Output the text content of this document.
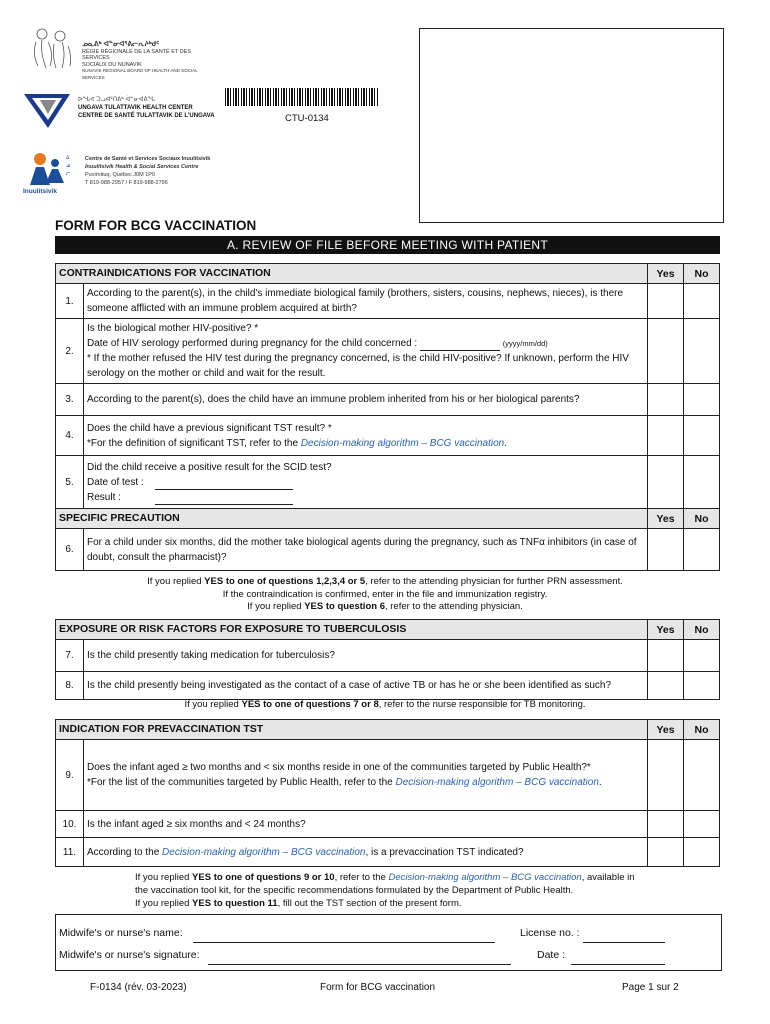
ᓄᓇᕕᒃ ᐊᓐᓂᐊᕐᕕᓕᕆᔨᒃᑯᑦ
RÉGIE RÉGIONALE DE LA SANTÉ ET DES SERVICES
SOCIAUX DU NUNAVIK
NUNAVIK REGIONAL BOARD OF HEALTH AND SOCIAL SERVICES
ᐅᖓᕙ ᑐᓗᐊᑦᑎᕕᒃ ᐋᓐᓂᐊᕕᖓ
UNGAVA TULATTAVIK HEALTH CENTER
CENTRE DE SANTÉ TULATTAVIK DE L'UNGAVA	CTU-0134
ᐃ
ᓅ
ᓕ
Inuulitsivik
Centre de Santé et Services Sociaux Inuulitsivik
Inuulitsivik Health & Social Services Centre
Puvirnituq, Québec J0M 1P0
T 819-988-2957 / F 819-988-2796
FORM FOR BCG VACCINATION
A. REVIEW OF FILE BEFORE MEETING WITH PATIENT
CONTRAINDICATIONS FOR VACCINATION		Yes	No
1.	According to the parent(s), in the child's immediate biological family (brothers, sisters, cousins, nephews, nieces), is there someone afflicted with an immune problem acquired at birth?		
2.	Is the biological mother HIV-positive? *
Date of HIV serology performed during pregnancy for the child concerned : (yyyy/mm/dd)
* If the mother refused the HIV test during the pregnancy concerned, is the child HIV-positive? If unknown, perform the HIV serology on the mother or child and wait for the result.		

3.	According to the parent(s), does the child have an immune problem inherited from his or her biological parents?		
4.	Does the child have a previous significant TST result? *
*For the definition of significant TST, refer to the Decision-making algorithm – BCG vaccination.		

5.	Did the child receive a positive result for the SCID test?
Date of test :
Result :		

SPECIFIC PRECAUTION		Yes	No
6.	For a child under six months, did the mother take biological agents during the pregnancy, such as TNFα inhibitors (in case of doubt, consult the pharmacist)?		
If you replied YES to one of questions 1,2,3,4 or 5, refer to the attending physician for further PRN assessment.
If the contraindication is confirmed, enter in the file and immunization registry.
If you replied YES to question 6, refer to the attending physician.
EXPOSURE OR RISK FACTORS FOR EXPOSURE TO TUBERCULOSIS		Yes	No
7.	Is the child presently taking medication for tuberculosis?		
8.	Is the child presently being investigated as the contact of a case of active TB or has he or she been identified as such?		
If you replied YES to one of questions 7 or 8, refer to the nurse responsible for TB monitoring.
INDICATION FOR PREVACCINATION TST		Yes	No
9.	Does the infant aged ≥ two months and < six months reside in one of the communities targeted by Public Health?*
*For the list of the communities targeted by Public Health, refer to the Decision-making algorithm – BCG vaccination.		

10.	Is the infant aged ≥ six months and < 24 months?		
11.	According to the Decision-making algorithm – BCG vaccination, is a prevaccination TST indicated?		
If you replied YES to one of questions 9 or 10, refer to the Decision-making algorithm – BCG vaccination, available in
the vaccination tool kit, for the specific recommendations formulated by the Department of Public Health.
If you replied YES to question 11, fill out the TST section of the present form.
Midwife's or nurse's name:	License no. :
Midwife's or nurse's signature:	Date :
F-0134 (rév. 03-2023)	Form for BCG vaccination	Page 1 sur 2
